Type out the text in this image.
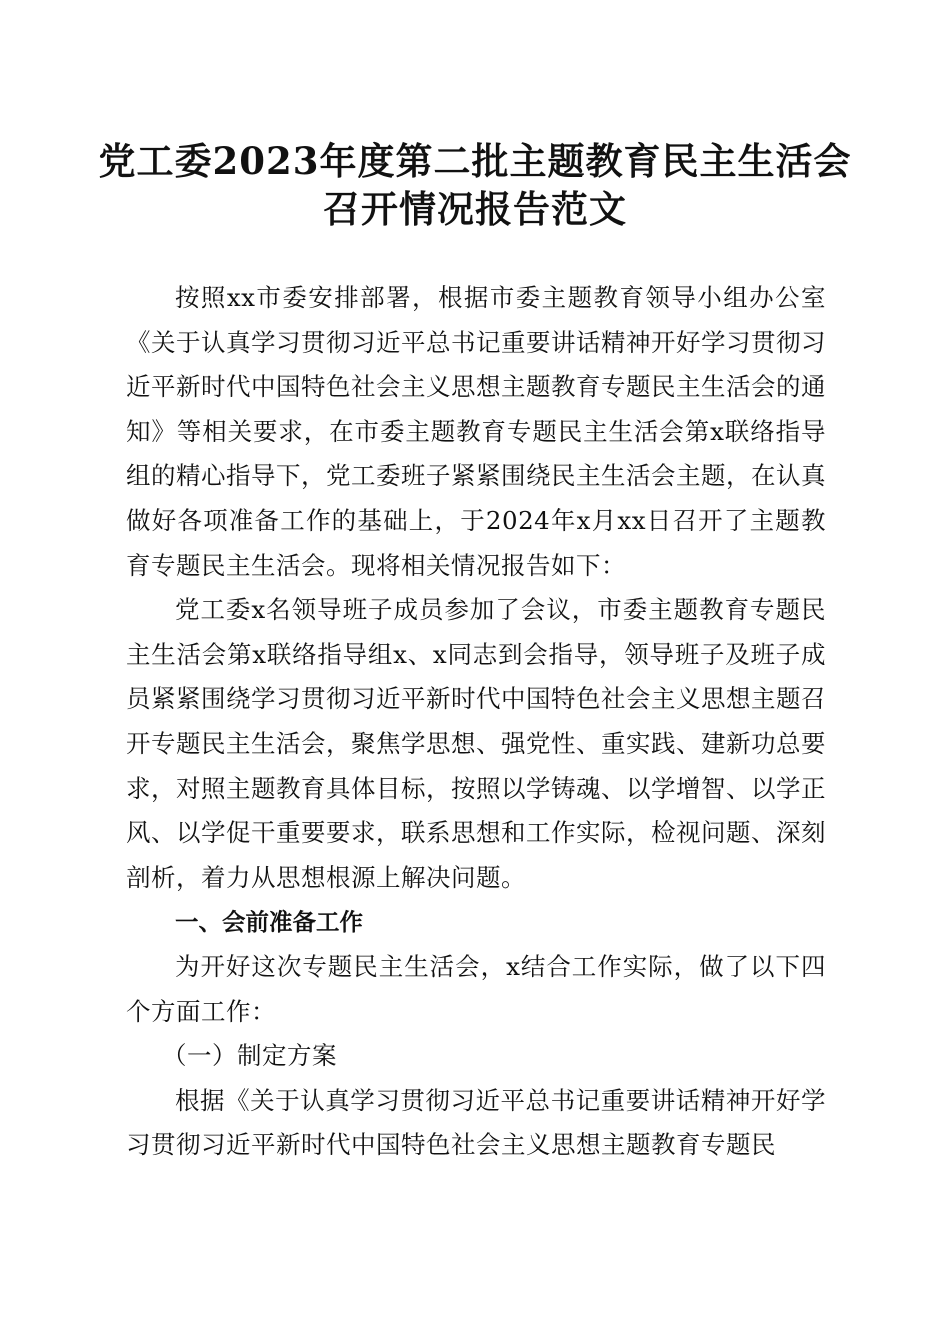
党工委2023年度第二批主题教育民主生活会
召开情况报告范文

按照xx市委安排部署，根据市委主题教育领导小组办公室《关于认真学习贯彻习近平总书记重要讲话精神开好学习贯彻习近平新时代中国特色社会主义思想主题教育专题民主生活会的通知》等相关要求，在市委主题教育专题民主生活会第x联络指导组的精心指导下，党工委班子紧紧围绕民主生活会主题，在认真做好各项准备工作的基础上，于2024年x月xx日召开了主题教育专题民主生活会。现将相关情况报告如下：

党工委x名领导班子成员参加了会议，市委主题教育专题民主生活会第x联络指导组x、x同志到会指导，领导班子及班子成员紧紧围绕学习贯彻习近平新时代中国特色社会主义思想主题召开专题民主生活会，聚焦学思想、强党性、重实践、建新功总要求，对照主题教育具体目标，按照以学铸魂、以学增智、以学正风、以学促干重要要求，联系思想和工作实际，检视问题、深刻剖析，着力从思想根源上解决问题。

一、会前准备工作

为开好这次专题民主生活会，x结合工作实际，做了以下四个方面工作：

（一）制定方案

根据《关于认真学习贯彻习近平总书记重要讲话精神开好学习贯彻习近平新时代中国特色社会主义思想主题教育专题民
